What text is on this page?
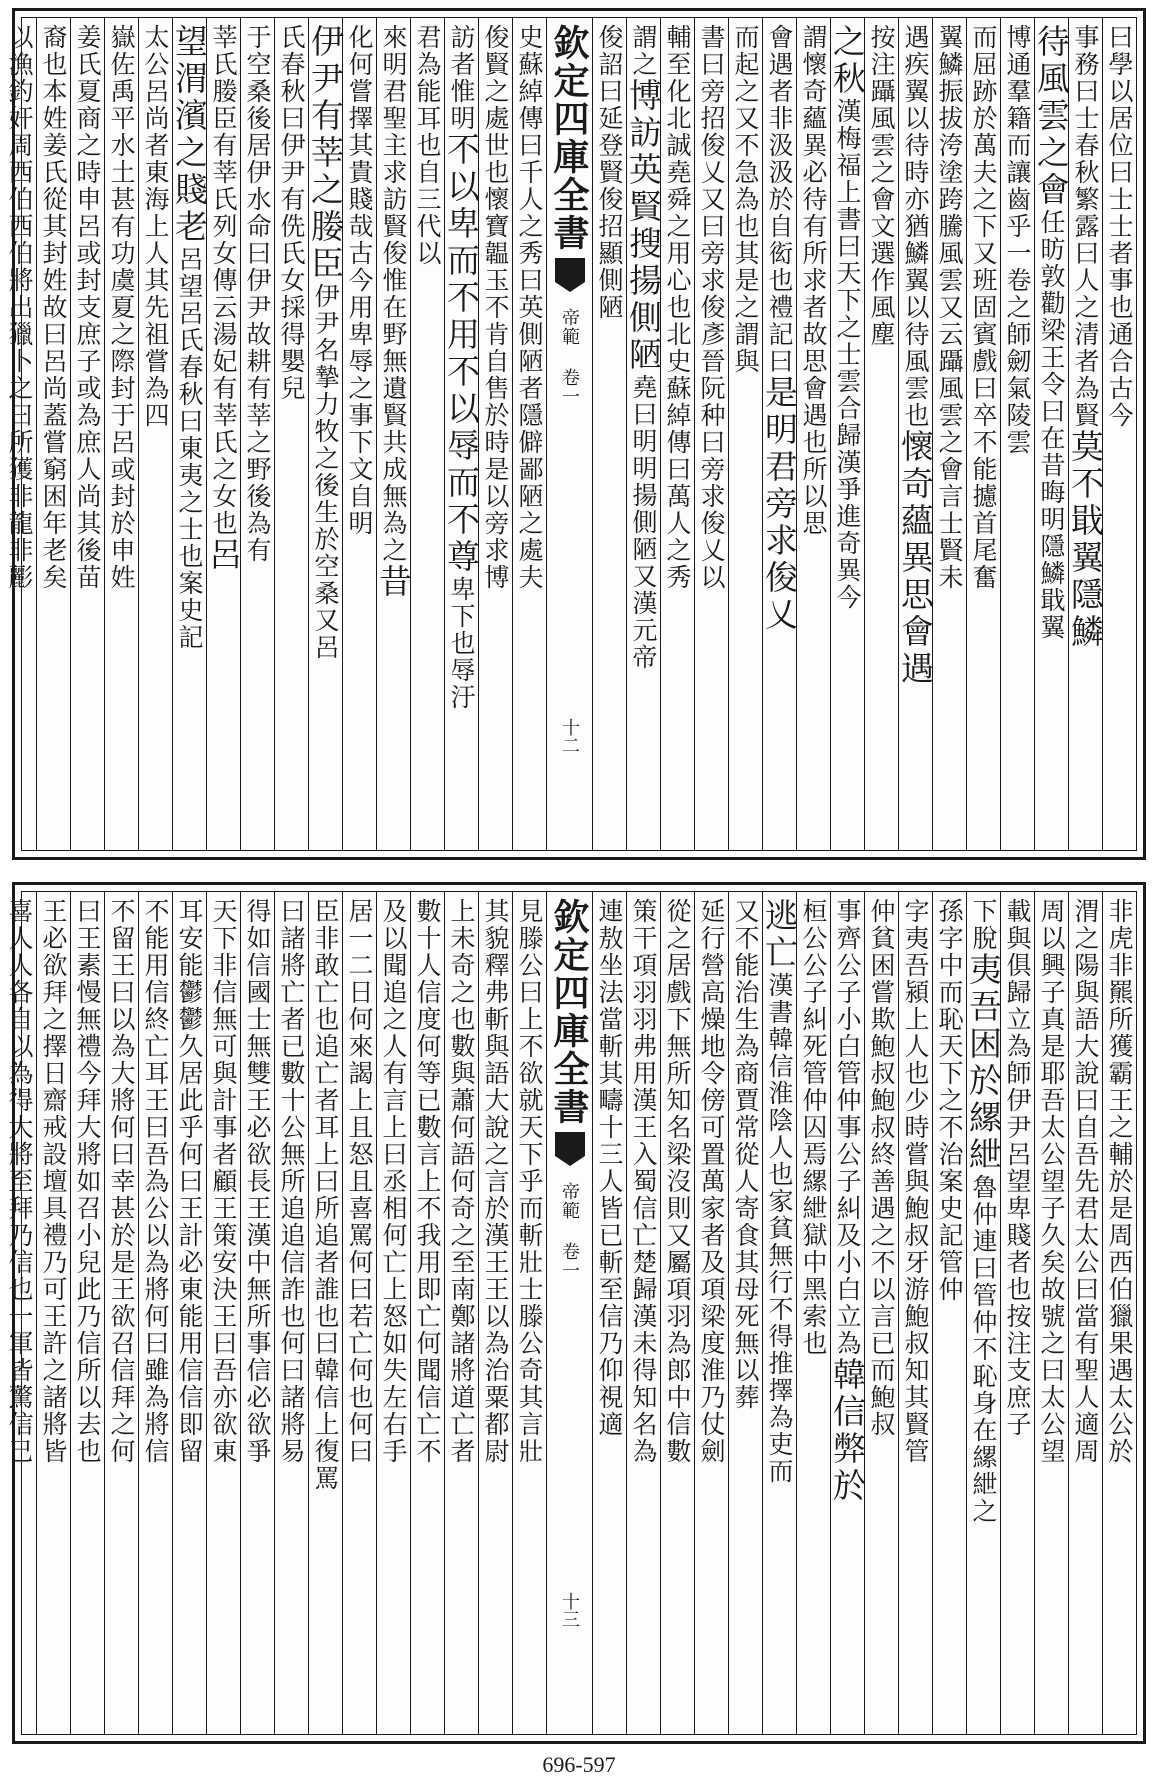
曰學以居位曰士士者事也通合古今
事務曰士春秋繁露曰人之清者為賢莫不戢翼隱鱗
待風雲之會任昉敦勸梁王令曰在昔晦明隱鱗戢翼
博通羣籍而讓齒乎一卷之師劒氣陵雲
而屈跡於萬夫之下又班固賓戲曰卒不能攄首尾奮
翼鱗振拔洿塗跨騰風雲又云躡風雲之會言士賢未
遇疾翼以待時亦猶鱗翼以待風雲也懷奇蘊異思會遇
按注躡風雲之會文選作風塵
之秋漢梅福上書曰天下之士雲合歸漢爭進奇異今
謂懷奇蘊異必待有所求者故思會遇也所以思
會遇者非汲汲於自衒也禮記曰是明君旁求俊乂
而起之又不急為也其是之謂與
書曰旁招俊乂又曰旁求俊彥晉阮种曰旁求俊乂以
輔至化北誠堯舜之用心也北史蘇綽傳曰萬人之秀
謂之博訪英賢搜揚側陋堯曰明明揚側陋又漢元帝
俊詔曰延登賢俊招顯側陋
欽定四庫全書
帝範 卷一
十二
史蘇綽傳曰千人之秀曰英側陋者隱僻鄙陋之處夫
俊賢之處世也懷寶韞玉不肯自售於時是以旁求博
訪者惟明不以卑而不用不以辱而不尊卑下也辱汙
君為能耳也自三代以
來明君聖主求訪賢俊惟在野無遺賢共成無為之昔
化何嘗擇其貴賤哉古今用卑辱之事下文自明
伊尹有莘之媵臣伊尹名摯力牧之後生於空桑又呂
氏春秋曰伊尹有侁氏女採得嬰兒
于空桑後居伊水命曰伊尹故耕有莘之野後為有
莘氏媵臣有莘氏列女傳云湯妃有莘氏之女也呂
望渭濱之賤老呂望呂氏春秋曰東夷之士也案史記
太公呂尚者東海上人其先祖嘗為四
嶽佐禹平水土甚有功虞夏之際封于呂或封於申姓
姜氏夏商之時申呂或封支庶子或為庶人尚其後苗
裔也本姓姜氏從其封姓故曰呂尚蓋嘗窮困年老矣
以漁釣奸周西伯西伯將出獵卜之曰所獲非龍非彲
非虎非羆所獲霸王之輔於是周西伯獵果遇太公於
渭之陽與語大說曰自吾先君太公曰當有聖人適周
周以興子真是耶吾太公望子久矣故號之曰太公望
載與俱歸立為師伊尹呂望卑賤者也按注支庶子
下脫夷吾困於縲紲魯仲連曰管仲不恥身在縲紲之
孫字中而恥天下之不治案史記管仲
字夷吾潁上人也少時嘗與鮑叔牙游鮑叔知其賢管
仲貧困嘗欺鮑叔鮑叔終善遇之不以言已而鮑叔
事齊公子小白管仲事公子糾及小白立為韓信弊於
桓公公子糾死管仲囚焉縲紲獄中黑索也
逃亡漢書韓信淮陰人也家貧無行不得推擇為吏而
又不能治生為商賈常從人寄食其母死無以葬
延行營高燥地令傍可置萬家者及項梁度淮乃仗劍
從之居戲下無所知名梁沒則又屬項羽為郎中信數
策干項羽羽弗用漢王入蜀信亡楚歸漢未得知名為
連敖坐法當斬其疇十三人皆已斬至信乃仰視適
欽定四庫全書
帝範 卷一
十三
見滕公曰上不欲就天下乎而斬壯士滕公奇其言壯
其貌釋弗斬與語大說之言於漢王王以為治粟都尉
上未奇之也數與蕭何語何奇之至南鄭諸將道亡者
數十人信度何等已數言上不我用即亡何聞信亡不
及以聞追之人有言上曰丞相何亡上怒如失左右手
居一二日何來謁上且怒且喜罵何曰若亡何也何曰
臣非敢亡也追亡者耳上曰所追者誰也曰韓信上復罵
曰諸將亡者已數十公無所追追信詐也何曰諸將易
得如信國士無雙王必欲長王漢中無所事信必欲爭
天下非信無可與計事者顧王策安決王曰吾亦欲東
耳安能鬱鬱久居此乎何曰王計必東能用信信即留
不能用信終亡耳王曰吾為公以為將何曰雖為將信
不留王曰以為大將何曰幸甚於是王欲召信拜之何
曰王素慢無禮今拜大將如召小兒此乃信所以去也
王必欲拜之擇日齋戒設壇具禮乃可王許之諸將皆
喜人人各自以為得大將至拜乃信也一軍皆驚信已
696-597
